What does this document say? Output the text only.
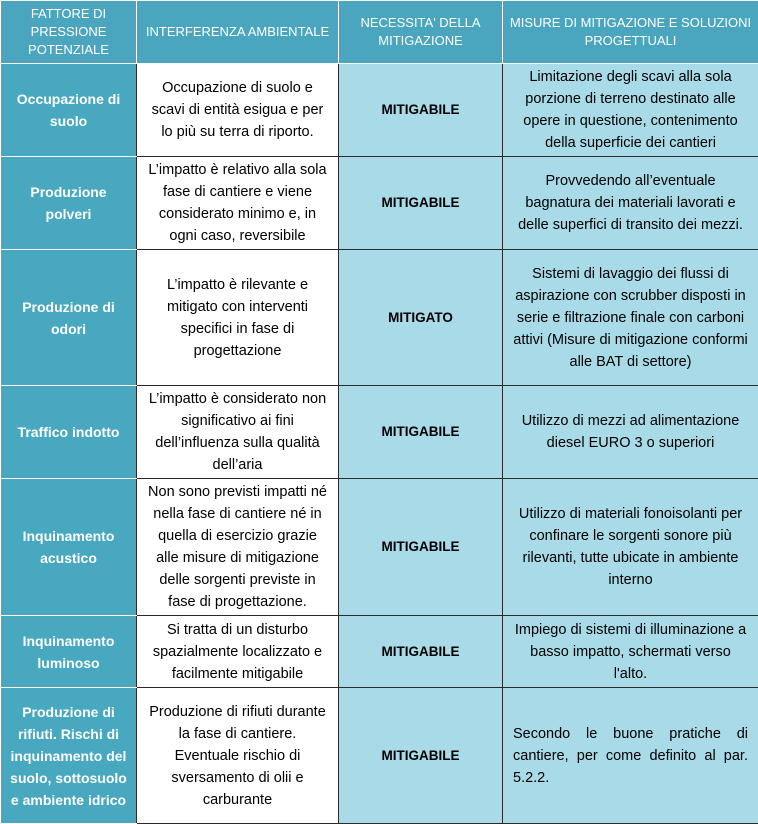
FATTORE DI PRESSIONE POTENZIALE	INTERFERENZA AMBIENTALE	NECESSITA' DELLA MITIGAZIONE	MISURE DI MITIGAZIONE E SOLUZIONI PROGETTUALI
Occupazione di suolo	Occupazione di suolo e scavi di entità esigua e per lo più su terra di riporto.	MITIGABILE	Limitazione degli scavi alla sola porzione di terreno destinato alle opere in questione, contenimento della superficie dei cantieri
Produzione polveri	L’impatto è relativo alla sola fase di cantiere e viene considerato minimo e, in ogni caso, reversibile	MITIGABILE	Provvedendo all’eventuale bagnatura dei materiali lavorati e delle superfici di transito dei mezzi.
Produzione di odori	L’impatto è rilevante e mitigato con interventi specifici in fase di progettazione	MITIGATO	Sistemi di lavaggio dei flussi di aspirazione con scrubber disposti in serie e filtrazione finale con carboni attivi (Misure di mitigazione conformi alle BAT di settore)
Traffico indotto	L’impatto è considerato non significativo ai fini dell’influenza sulla qualità dell’aria	MITIGABILE	Utilizzo di mezzi ad alimentazione diesel EURO 3 o superiori
Inquinamento acustico	Non sono previsti impatti né nella fase di cantiere né in quella di esercizio grazie alle misure di mitigazione delle sorgenti previste in fase di progettazione.	MITIGABILE	Utilizzo di materiali fonoisolanti per confinare le sorgenti sonore più rilevanti, tutte ubicate in ambiente interno
Inquinamento luminoso	Si tratta di un disturbo spazialmente localizzato e facilmente mitigabile	MITIGABILE	Impiego di sistemi di illuminazione a basso impatto, schermati verso l'alto.
Produzione di rifiuti. Rischi di inquinamento del suolo, sottosuolo e ambiente idrico	Produzione di rifiuti durante la fase di cantiere. Eventuale rischio di sversamento di olii e carburante	MITIGABILE	Secondo le buone pratiche di cantiere, per come definito al par. 5.2.2.
